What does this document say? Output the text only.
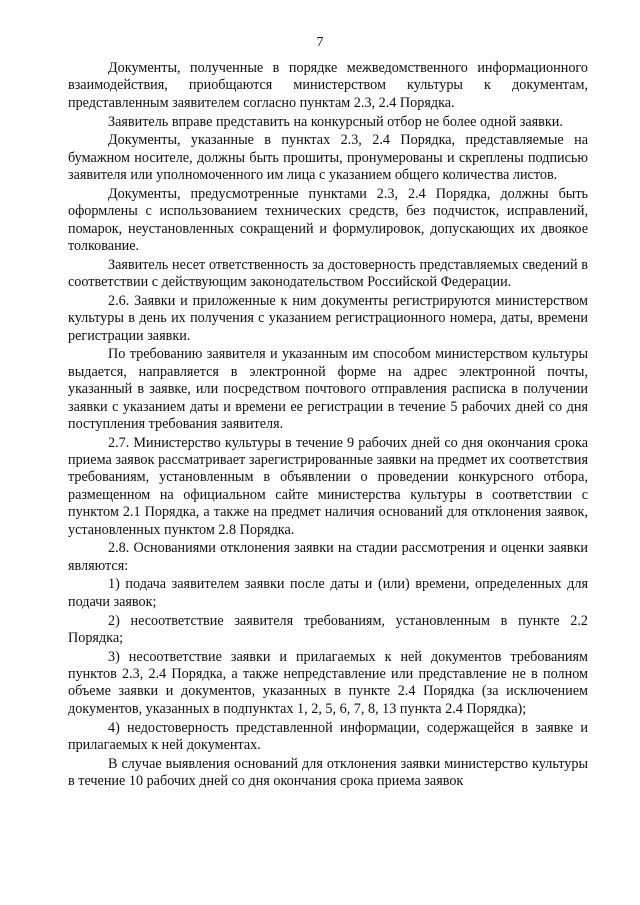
7

Документы, полученные в порядке межведомственного информационного взаимодействия, приобщаются министерством культуры к документам, представленным заявителем согласно пунктам 2.3, 2.4 Порядка.

Заявитель вправе представить на конкурсный отбор не более одной заявки.

Документы, указанные в пунктах 2.3, 2.4 Порядка, представляемые на бумажном носителе, должны быть прошиты, пронумерованы и скреплены подписью заявителя или уполномоченного им лица с указанием общего количества листов.

Документы, предусмотренные пунктами 2.3, 2.4 Порядка, должны быть оформлены с использованием технических средств, без подчисток, исправлений, помарок, неустановленных сокращений и формулировок, допускающих их двоякое толкование.

Заявитель несет ответственность за достоверность представляемых сведений в соответствии с действующим законодательством Российской Федерации.

2.6. Заявки и приложенные к ним документы регистрируются министерством культуры в день их получения с указанием регистрационного номера, даты, времени регистрации заявки.

По требованию заявителя и указанным им способом министерством культуры выдается, направляется в электронной форме на адрес электронной почты, указанный в заявке, или посредством почтового отправления расписка в получении заявки с указанием даты и времени ее регистрации в течение 5 рабочих дней со дня поступления требования заявителя.

2.7. Министерство культуры в течение 9 рабочих дней со дня окончания срока приема заявок рассматривает зарегистрированные заявки на предмет их соответствия требованиям, установленным в объявлении о проведении конкурсного отбора, размещенном на официальном сайте министерства культуры в соответствии с пунктом 2.1 Порядка, а также на предмет наличия оснований для отклонения заявок, установленных пунктом 2.8 Порядка.

2.8. Основаниями отклонения заявки на стадии рассмотрения и оценки заявки являются:

1) подача заявителем заявки после даты и (или) времени, определенных для подачи заявок;

2) несоответствие заявителя требованиям, установленным в пункте 2.2 Порядка;

3) несоответствие заявки и прилагаемых к ней документов требованиям пунктов 2.3, 2.4 Порядка, а также непредставление или представление не в полном объеме заявки и документов, указанных в пункте 2.4 Порядка (за исключением документов, указанных в подпунктах 1, 2, 5, 6, 7, 8, 13 пункта 2.4 Порядка);

4) недостоверность представленной информации, содержащейся в заявке и прилагаемых к ней документах.

В случае выявления оснований для отклонения заявки министерство культуры в течение 10 рабочих дней со дня окончания срока приема заявок
